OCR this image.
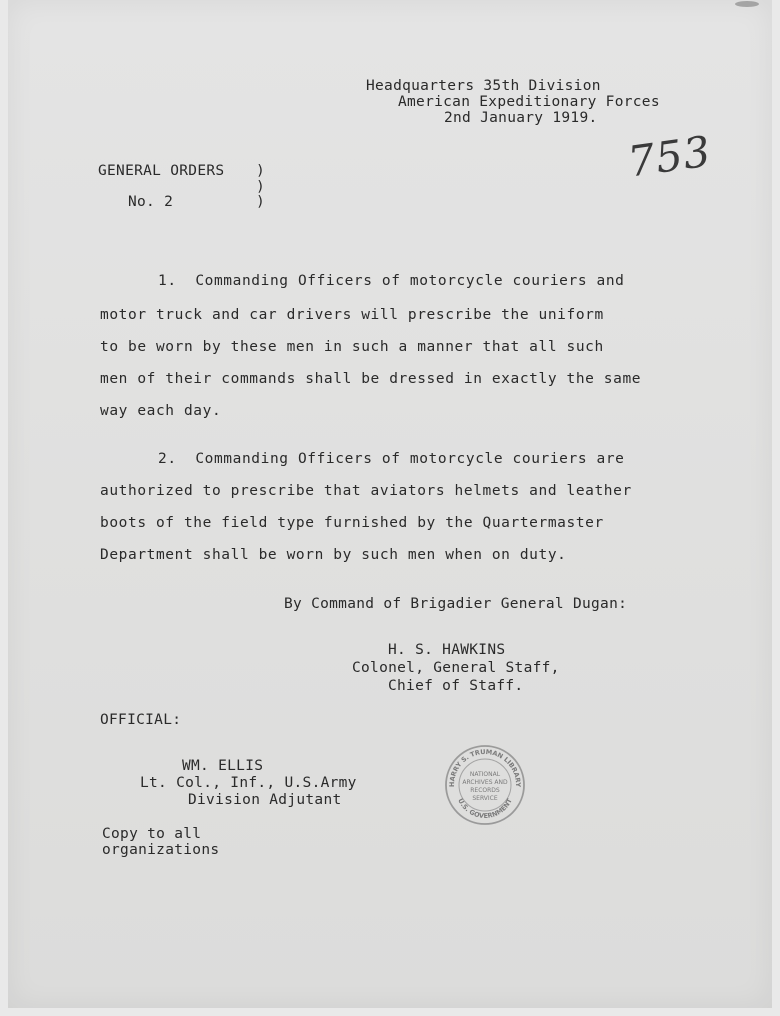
Headquarters 35th Division
American Expeditionary Forces
2nd January 1919.
753
GENERAL ORDERS )
)
No. 2	)
1.  Commanding Officers of motorcycle couriers and
motor truck and car drivers will prescribe the uniform
to be worn by these men in such a manner that all such
men of their commands shall be dressed in exactly the same
way each day.
2.  Commanding Officers of motorcycle couriers are
authorized to prescribe that aviators helmets and leather
boots of the field type furnished by the Quartermaster
Department shall be worn by such men when on duty.
By Command of Brigadier General Dugan:
H. S. HAWKINS
Colonel, General Staff,
Chief of Staff.
OFFICIAL:
WM. ELLIS
Lt. Col., Inf., U.S.Army
Division Adjutant
Copy to all
organizations
HARRY S. TRUMAN LIBRARY
U.S. GOVERNMENT
NATIONAL
ARCHIVES AND
RECORDS
SERVICE
